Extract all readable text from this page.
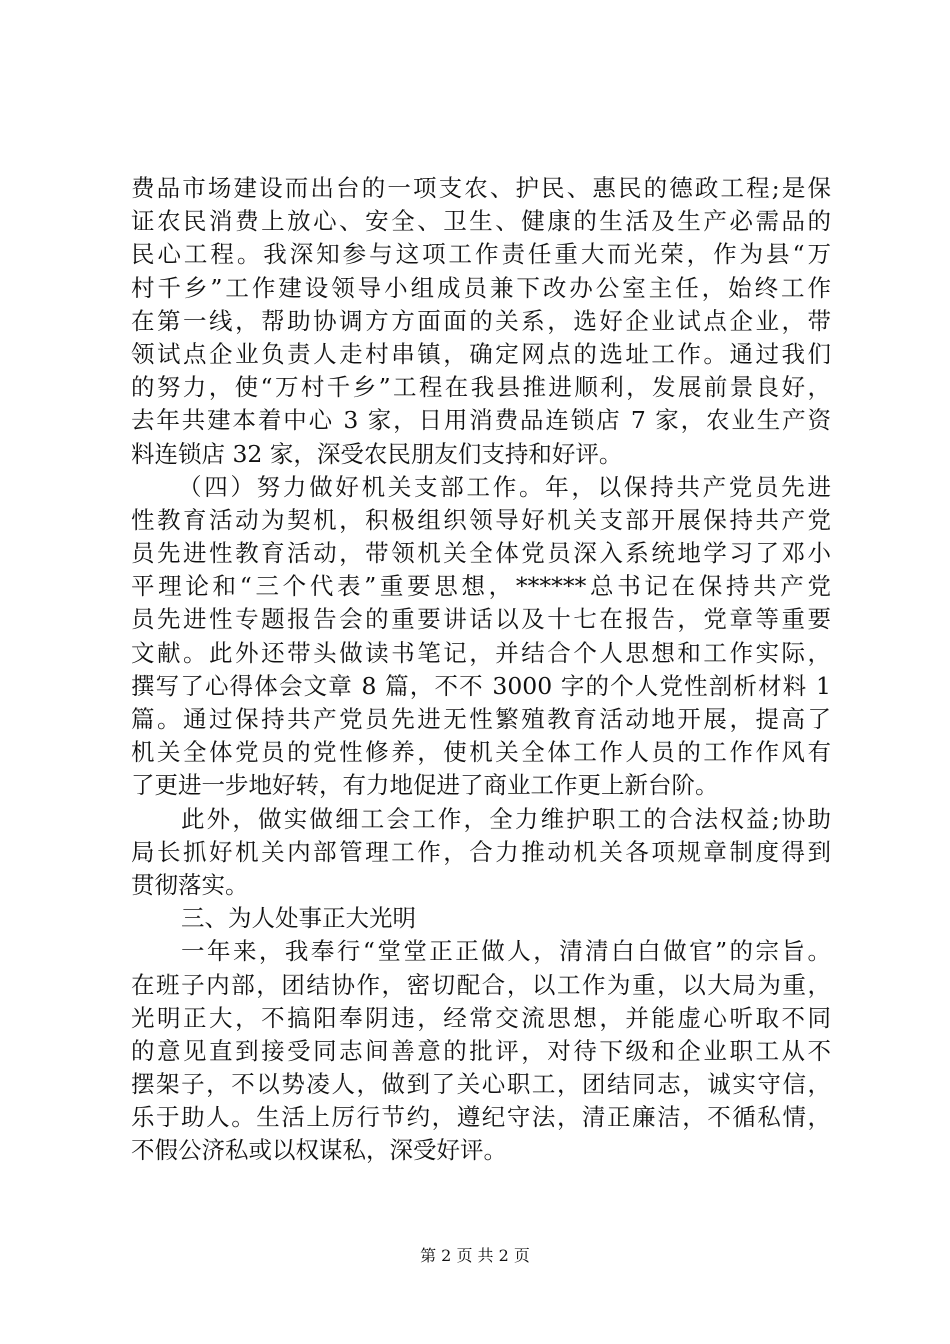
费品市场建设而出台的一项支农、护民、惠民的德政工程;是保
证农民消费上放心、安全、卫生、健康的生活及生产必需品的
民心工程。我深知参与这项工作责任重大而光荣，作为县“万
村千乡”工作建设领导小组成员兼下改办公室主任，始终工作
在第一线，帮助协调方方面面的关系，选好企业试点企业，带
领试点企业负责人走村串镇，确定网点的选址工作。通过我们
的努力，使“万村千乡”工程在我县推进顺利，发展前景良好，
去年共建本着中心 3 家，日用消费品连锁店 7 家，农业生产资
料连锁店 32 家，深受农民朋友们支持和好评。
（四）努力做好机关支部工作。年，以保持共产党员先进
性教育活动为契机，积极组织领导好机关支部开展保持共产党
员先进性教育活动，带领机关全体党员深入系统地学习了邓小
平理论和“三个代表”重要思想，******总书记在保持共产党
员先进性专题报告会的重要讲话以及十七在报告，党章等重要
文献。此外还带头做读书笔记，并结合个人思想和工作实际，
撰写了心得体会文章 8 篇，不不 3000 字的个人党性剖析材料 1
篇。通过保持共产党员先进无性繁殖教育活动地开展，提高了
机关全体党员的党性修养，使机关全体工作人员的工作作风有
了更进一步地好转，有力地促进了商业工作更上新台阶。
此外，做实做细工会工作，全力维护职工的合法权益;协助
局长抓好机关内部管理工作，合力推动机关各项规章制度得到
贯彻落实。
三、为人处事正大光明
一年来，我奉行“堂堂正正做人，清清白白做官”的宗旨。
在班子内部，团结协作，密切配合，以工作为重，以大局为重，
光明正大，不搞阳奉阴违，经常交流思想，并能虚心听取不同
的意见直到接受同志间善意的批评，对待下级和企业职工从不
摆架子，不以势凌人，做到了关心职工，团结同志，诚实守信，
乐于助人。生活上厉行节约，遵纪守法，清正廉洁，不循私情，
不假公济私或以权谋私，深受好评。
第 2 页 共 2 页
